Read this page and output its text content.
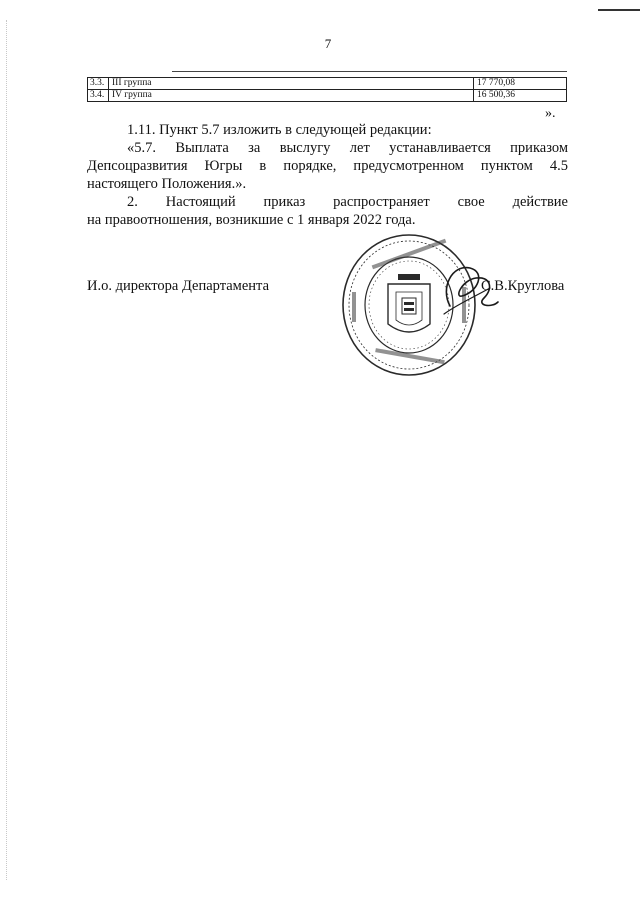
7
3.3.	III группа	17 770,08
3.4.	IV группа	16 500,36
».

1.11. Пункт 5.7 изложить в следующей редакции:

«5.7. Выплата за выслугу лет устанавливается приказом

Депсоцразвития Югры в порядке, предусмотренном пунктом 4.5

настоящего Положения.».

2. Настоящий приказ распространяет свое действие

на правоотношения, возникшие с 1 января 2022 года.

И.о. директора Департамента	С.В.Круглова
